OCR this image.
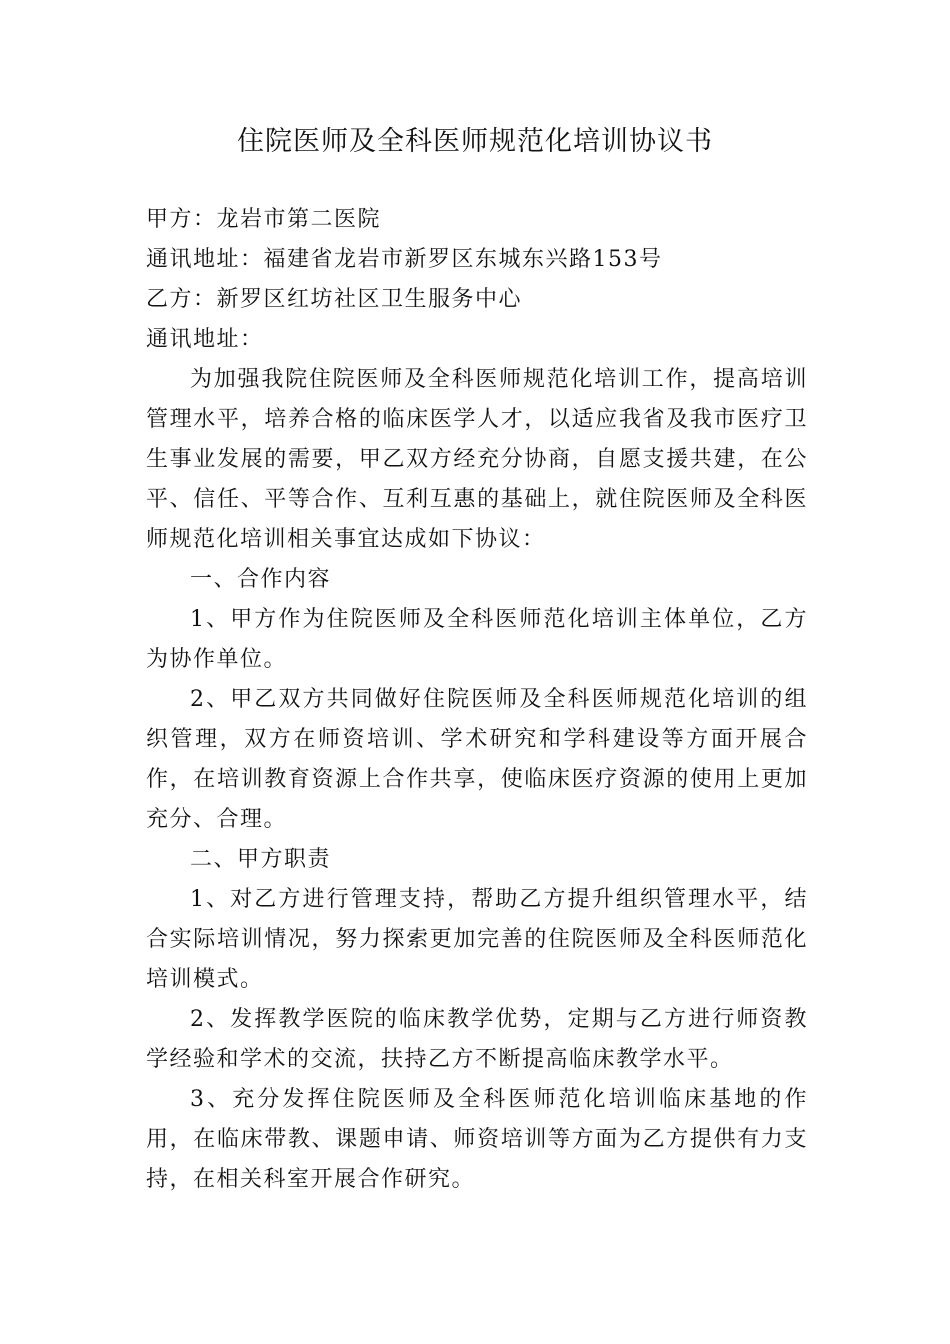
住院医师及全科医师规范化培训协议书

甲方：龙岩市第二医院

通讯地址：福建省龙岩市新罗区东城东兴路153号

乙方：新罗区红坊社区卫生服务中心

通讯地址：

为加强我院住院医师及全科医师规范化培训工作，提高培训管理水平，培养合格的临床医学人才，以适应我省及我市医疗卫生事业发展的需要，甲乙双方经充分协商，自愿支援共建，在公平、信任、平等合作、互利互惠的基础上，就住院医师及全科医师规范化培训相关事宜达成如下协议：

一、合作内容

1、甲方作为住院医师及全科医师范化培训主体单位，乙方为协作单位。

2、甲乙双方共同做好住院医师及全科医师规范化培训的组织管理，双方在师资培训、学术研究和学科建设等方面开展合作，在培训教育资源上合作共享，使临床医疗资源的使用上更加充分、合理。

二、甲方职责

1、对乙方进行管理支持，帮助乙方提升组织管理水平，结合实际培训情况，努力探索更加完善的住院医师及全科医师范化培训模式。

2、发挥教学医院的临床教学优势，定期与乙方进行师资教学经验和学术的交流，扶持乙方不断提高临床教学水平。

3、充分发挥住院医师及全科医师范化培训临床基地的作用，在临床带教、课题申请、师资培训等方面为乙方提供有力支持，在相关科室开展合作研究。
